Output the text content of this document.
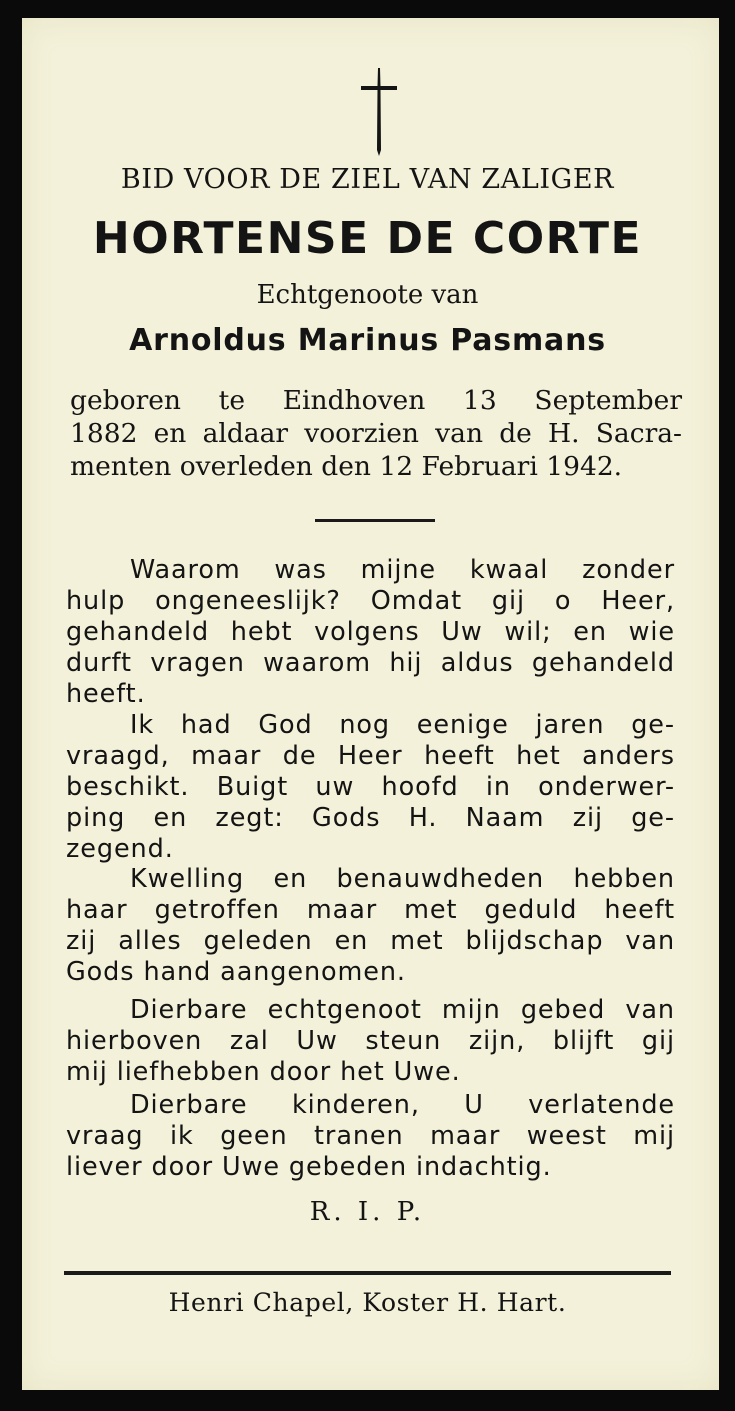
BID VOOR DE ZIEL VAN ZALIGER
HORTENSE DE CORTE
Echtgenoote van
Arnoldus Marinus Pasmans
geboren te Eindhoven 13 September
1882 en aldaar voorzien van de H. Sacra-
menten overleden den 12 Februari 1942.
Waarom was mijne kwaal zonder
hulp ongeneeslijk? Omdat gij o Heer,
gehandeld hebt volgens Uw wil; en wie
durft vragen waarom hij aldus gehandeld
heeft.
Ik had God nog eenige jaren ge-
vraagd, maar de Heer heeft het anders
beschikt. Buigt uw hoofd in onderwer-
ping en zegt: Gods H. Naam zij ge-
zegend.
Kwelling en benauwdheden hebben
haar getroffen maar met geduld heeft
zij alles geleden en met blijdschap van
Gods hand aangenomen.
Dierbare echtgenoot mijn gebed van
hierboven zal Uw steun zijn, blijft gij
mij liefhebben door het Uwe.
Dierbare kinderen, U verlatende
vraag ik geen tranen maar weest mij
liever door Uwe gebeden indachtig.
R. I. P.
Henri Chapel, Koster H. Hart.
